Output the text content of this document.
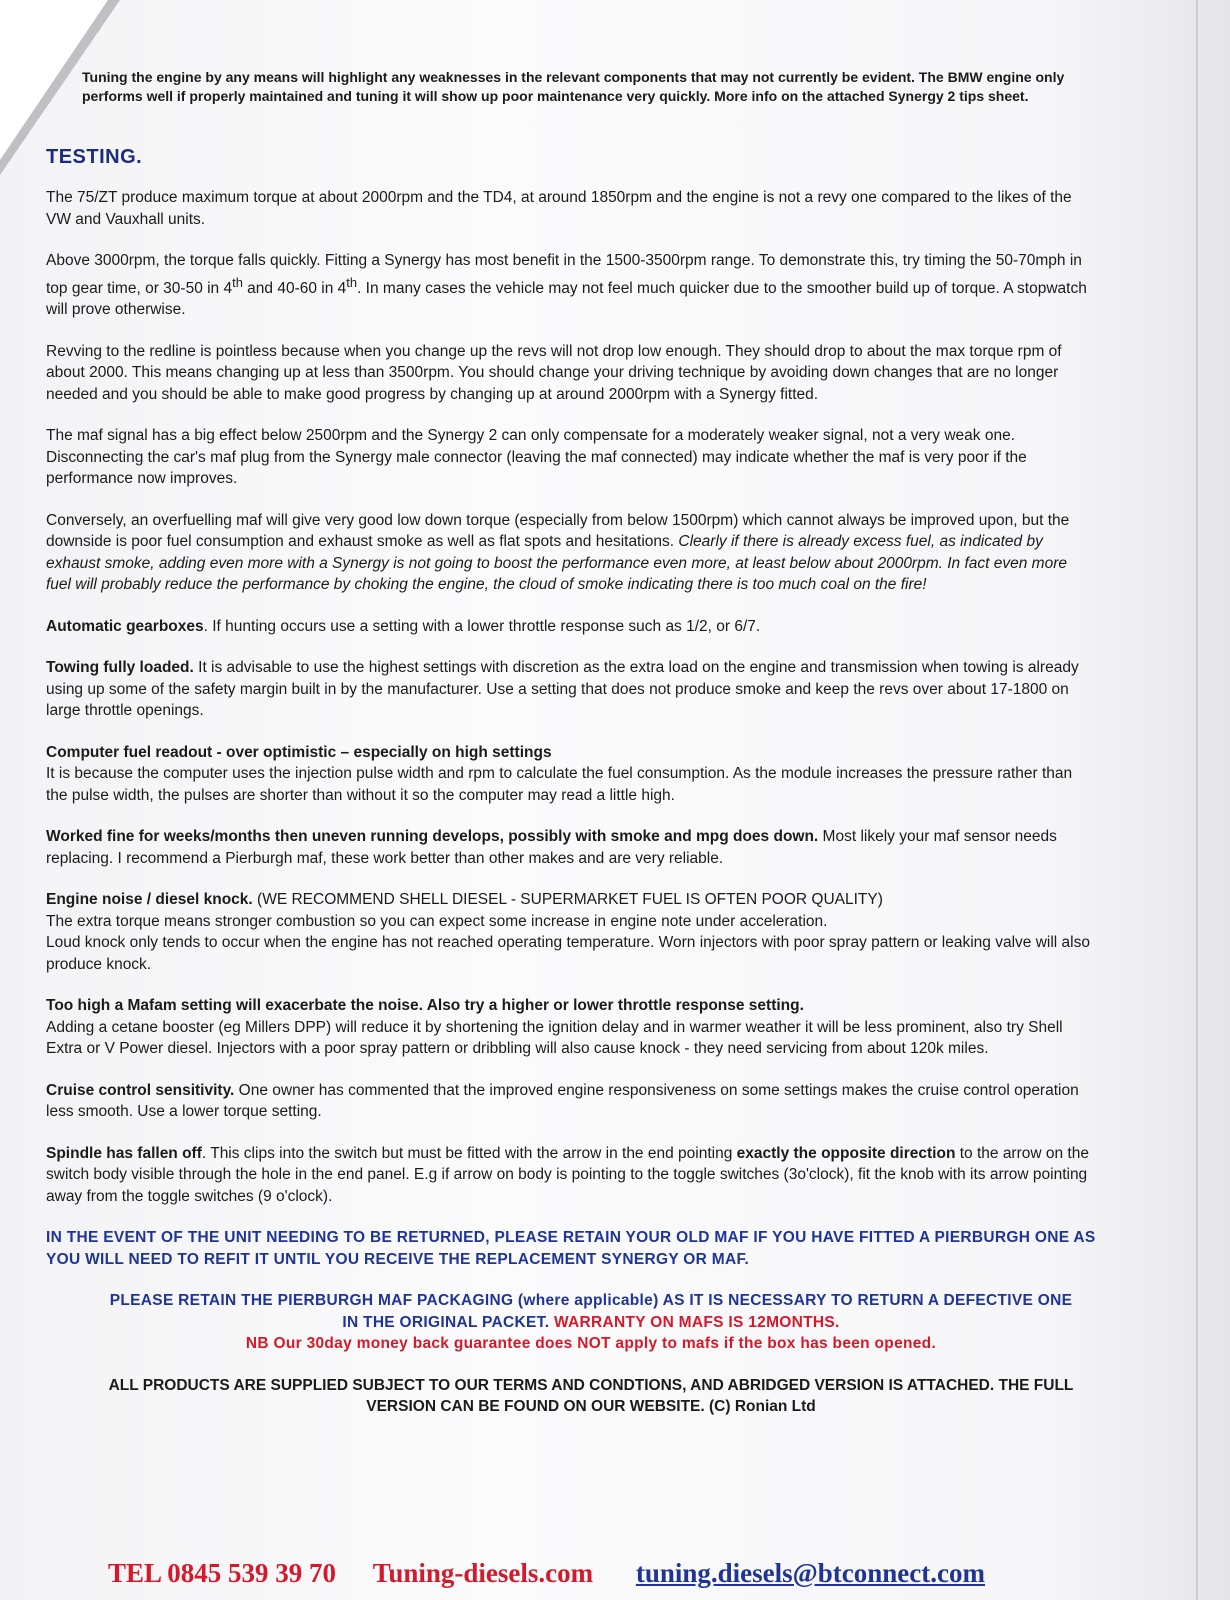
Tuning the engine by any means will highlight any weaknesses in the relevant components that may not currently be evident. The BMW engine only performs well if properly maintained and tuning it will show up poor maintenance very quickly. More info on the attached Synergy 2 tips sheet.
TESTING.

The 75/ZT produce maximum torque at about 2000rpm and the TD4, at around 1850rpm and the engine is not a revy one compared to the likes of the VW and Vauxhall units.

Above 3000rpm, the torque falls quickly. Fitting a Synergy has most benefit in the 1500-3500rpm range. To demonstrate this, try timing the 50-70mph in top gear time, or 30-50 in 4th and 40-60 in 4th. In many cases the vehicle may not feel much quicker due to the smoother build up of torque. A stopwatch will prove otherwise.

Revving to the redline is pointless because when you change up the revs will not drop low enough. They should drop to about the max torque rpm of about 2000. This means changing up at less than 3500rpm. You should change your driving technique by avoiding down changes that are no longer needed and you should be able to make good progress by changing up at around 2000rpm with a Synergy fitted.

The maf signal has a big effect below 2500rpm and the Synergy 2 can only compensate for a moderately weaker signal, not a very weak one. Disconnecting the car's maf plug from the Synergy male connector (leaving the maf connected) may indicate whether the maf is very poor if the performance now improves.

Conversely, an overfuelling maf will give very good low down torque (especially from below 1500rpm) which cannot always be improved upon, but the downside is poor fuel consumption and exhaust smoke as well as flat spots and hesitations. Clearly if there is already excess fuel, as indicated by exhaust smoke, adding even more with a Synergy is not going to boost the performance even more, at least below about 2000rpm. In fact even more fuel will probably reduce the performance by choking the engine, the cloud of smoke indicating there is too much coal on the fire!

Automatic gearboxes. If hunting occurs use a setting with a lower throttle response such as 1/2, or 6/7.

Towing fully loaded. It is advisable to use the highest settings with discretion as the extra load on the engine and transmission when towing is already using up some of the safety margin built in by the manufacturer. Use a setting that does not produce smoke and keep the revs over about 17-1800 on large throttle openings.

Computer fuel readout - over optimistic – especially on high settings
It is because the computer uses the injection pulse width and rpm to calculate the fuel consumption. As the module increases the pressure rather than the pulse width, the pulses are shorter than without it so the computer may read a little high.

Worked fine for weeks/months then uneven running develops, possibly with smoke and mpg does down. Most likely your maf sensor needs replacing. I recommend a Pierburgh maf, these work better than other makes and are very reliable.

Engine noise / diesel knock. (WE RECOMMEND SHELL DIESEL - SUPERMARKET FUEL IS OFTEN POOR QUALITY)
The extra torque means stronger combustion so you can expect some increase in engine note under acceleration.
Loud knock only tends to occur when the engine has not reached operating temperature. Worn injectors with poor spray pattern or leaking valve will also produce knock.

Too high a Mafam setting will exacerbate the noise. Also try a higher or lower throttle response setting.
Adding a cetane booster (eg Millers DPP) will reduce it by shortening the ignition delay and in warmer weather it will be less prominent, also try Shell Extra or V Power diesel. Injectors with a poor spray pattern or dribbling will also cause knock - they need servicing from about 120k miles.

Cruise control sensitivity. One owner has commented that the improved engine responsiveness on some settings makes the cruise control operation less smooth. Use a lower torque setting.

Spindle has fallen off. This clips into the switch but must be fitted with the arrow in the end pointing exactly the opposite direction to the arrow on the switch body visible through the hole in the end panel. E.g if arrow on body is pointing to the toggle switches (3o'clock), fit the knob with its arrow pointing away from the toggle switches (9 o'clock).

IN THE EVENT OF THE UNIT NEEDING TO BE RETURNED, PLEASE RETAIN YOUR OLD MAF IF YOU HAVE FITTED A PIERBURGH ONE AS YOU WILL NEED TO REFIT IT UNTIL YOU RECEIVE THE REPLACEMENT SYNERGY OR MAF.
PLEASE RETAIN THE PIERBURGH MAF PACKAGING (where applicable) AS IT IS NECESSARY TO RETURN A DEFECTIVE ONE IN THE ORIGINAL PACKET. WARRANTY ON MAFS IS 12MONTHS.
NB Our 30day money back guarantee does NOT apply to mafs if the box has been opened.
ALL PRODUCTS ARE SUPPLIED SUBJECT TO OUR TERMS AND CONDTIONS, AND ABRIDGED VERSION IS ATTACHED. THE FULL VERSION CAN BE FOUND ON OUR WEBSITE. (C) Ronian Ltd
TEL 0845 539 39 70 Tuning-diesels.com tuning.diesels@btconnect.com
